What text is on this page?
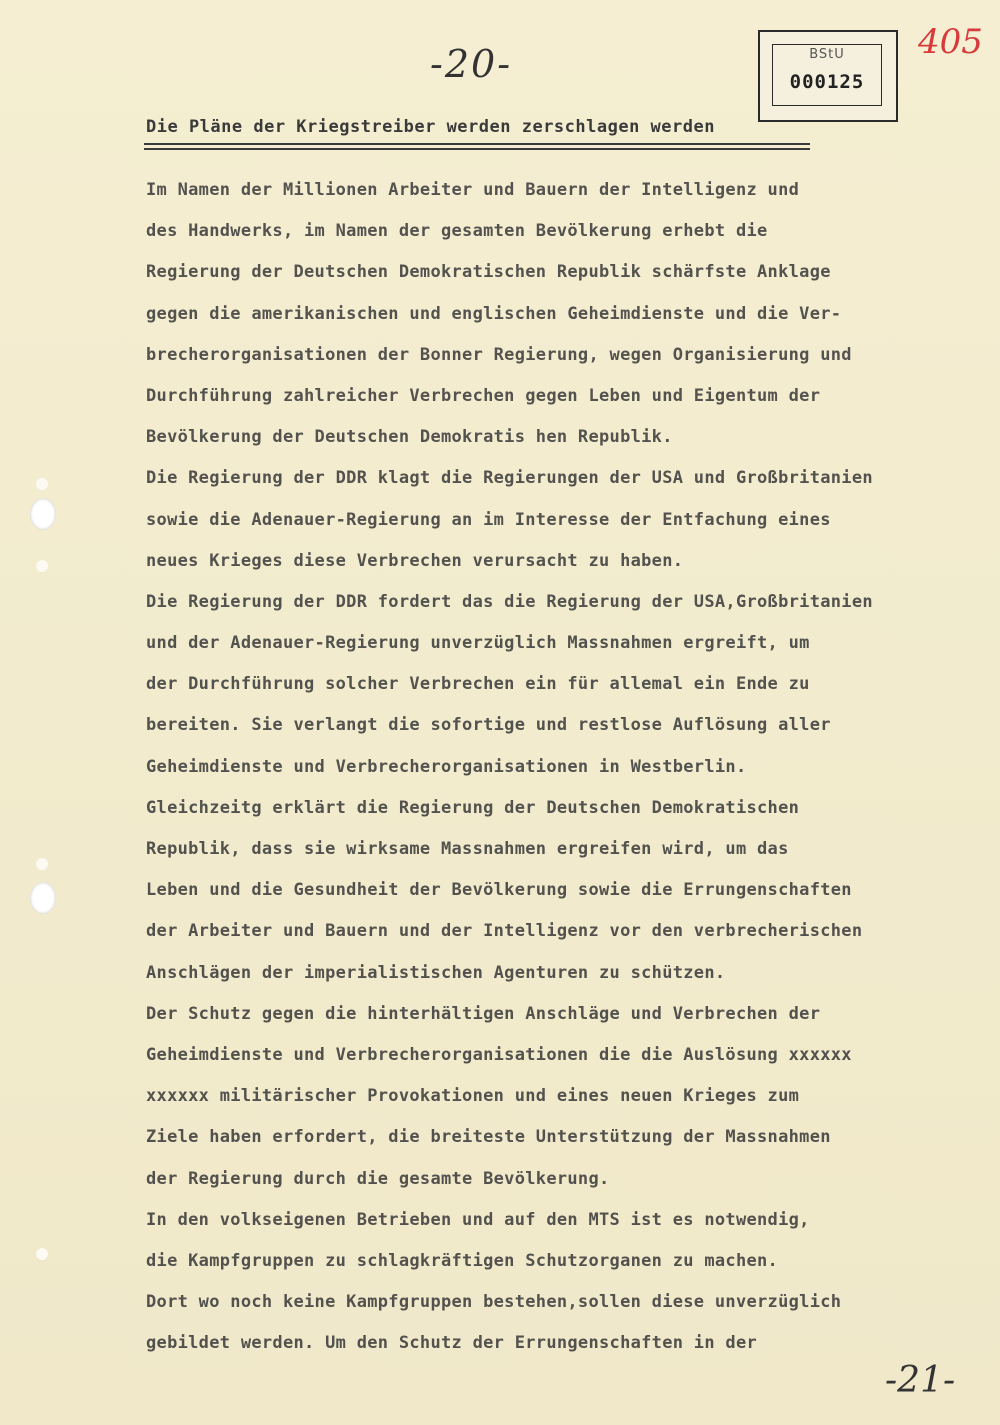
-20-	BStU
000125
405
Die Pläne der Kriegstreiber werden zerschlagen werden
Im Namen der Millionen Arbeiter und Bauern der Intelligenz und
des Handwerks, im Namen der gesamten Bevölkerung erhebt die
Regierung der Deutschen Demokratischen Republik schärfste Anklage
gegen die amerikanischen und englischen Geheimdienste und die Ver-
brecherorganisationen der Bonner Regierung, wegen Organisierung und
Durchführung zahlreicher Verbrechen gegen Leben und Eigentum der
Bevölkerung der Deutschen Demokratis hen Republik.
Die Regierung der DDR klagt die Regierungen der USA und Großbritanien
sowie die Adenauer-Regierung an im Interesse der Entfachung eines
neues Krieges diese Verbrechen verursacht zu haben.
Die Regierung der DDR fordert das die Regierung der USA,Großbritanien
und der Adenauer-Regierung unverzüglich Massnahmen ergreift, um
der Durchführung solcher Verbrechen ein für allemal ein Ende zu
bereiten. Sie verlangt die sofortige und restlose Auflösung aller
Geheimdienste und Verbrecherorganisationen in Westberlin.
Gleichzeitg erklärt die Regierung der Deutschen Demokratischen
Republik, dass sie wirksame Massnahmen ergreifen wird, um das
Leben und die Gesundheit der Bevölkerung sowie die Errungenschaften
der Arbeiter und Bauern und der Intelligenz vor den verbrecherischen
Anschlägen der imperialistischen Agenturen zu schützen.
Der Schutz gegen die hinterhältigen Anschläge und Verbrechen der
Geheimdienste und Verbrecherorganisationen die die Auslösung xxxxxx
xxxxxx militärischer Provokationen und eines neuen Krieges zum
Ziele haben erfordert, die breiteste Unterstützung der Massnahmen
der Regierung durch die gesamte Bevölkerung.
In den volkseigenen Betrieben und auf den MTS ist es notwendig,
die Kampfgruppen zu schlagkräftigen Schutzorganen zu machen.
Dort wo noch keine Kampfgruppen bestehen,sollen diese unverzüglich
gebildet werden. Um den Schutz der Errungenschaften in der
-21-
